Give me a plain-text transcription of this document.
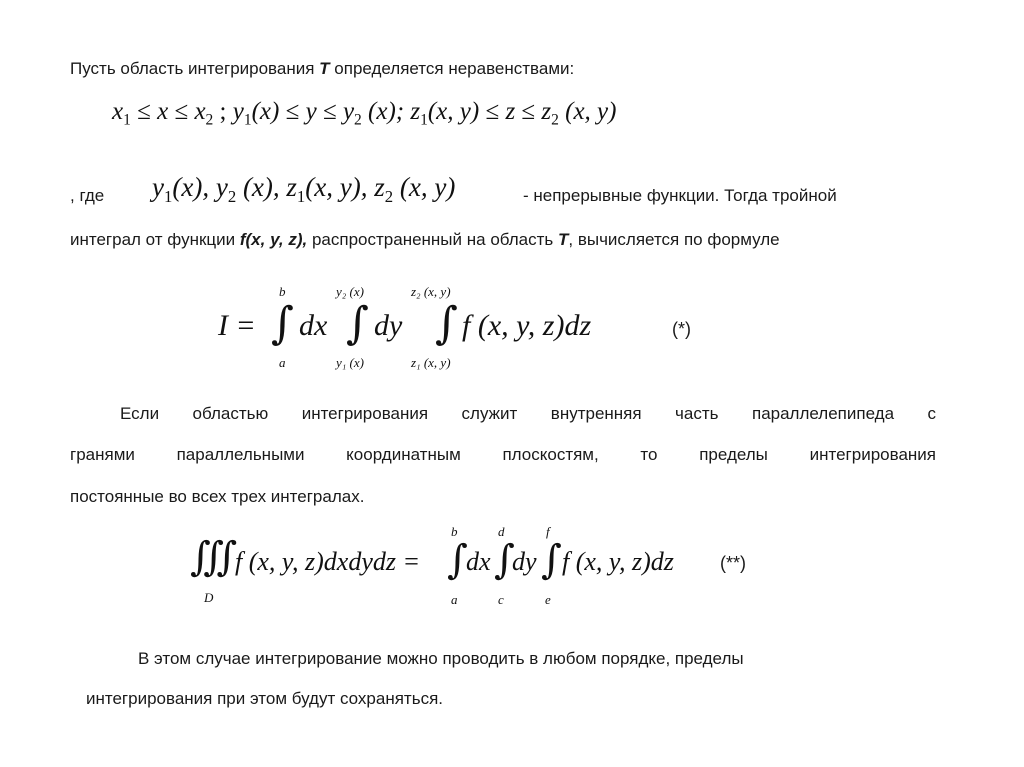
Пусть область интегрирования T определяется неравенствами:
$x_1 \le x \le x_2$ ; $y_1(x) \le y \le y_2$ (x); $z_1(x$, $y) \le z \le z_2$ (x, y)
, где $y_1(x)$, $y_2$ (x), $z_1(x$, y), $z_2$ (x, y)	- непрерывные функции. Тогда тройной
интеграл от функции f(x, y, z), распространенный на область T, вычисляется по формуле
I =
b
∫
a
dx
y₂ (x)
∫
y₁ (x)
dy
z₂ (x, y)
∫
z₁ (x, y)
f (x, y, z)dz	(*)
Если областью интегрирования служит внутренняя часть параллелепипеда с
гранями параллельными координатным плоскостям, то пределы интегрирования
постоянные во всех трех интегралах.
∭
D
f (x, y, z)dxdydz =
b
∫
a
dx
d
∫
c
dy
f
∫
e
f (x, y, z)dz	(**)
В этом случае интегрирование можно проводить в любом порядке, пределы
интегрирования при этом будут сохраняться.
